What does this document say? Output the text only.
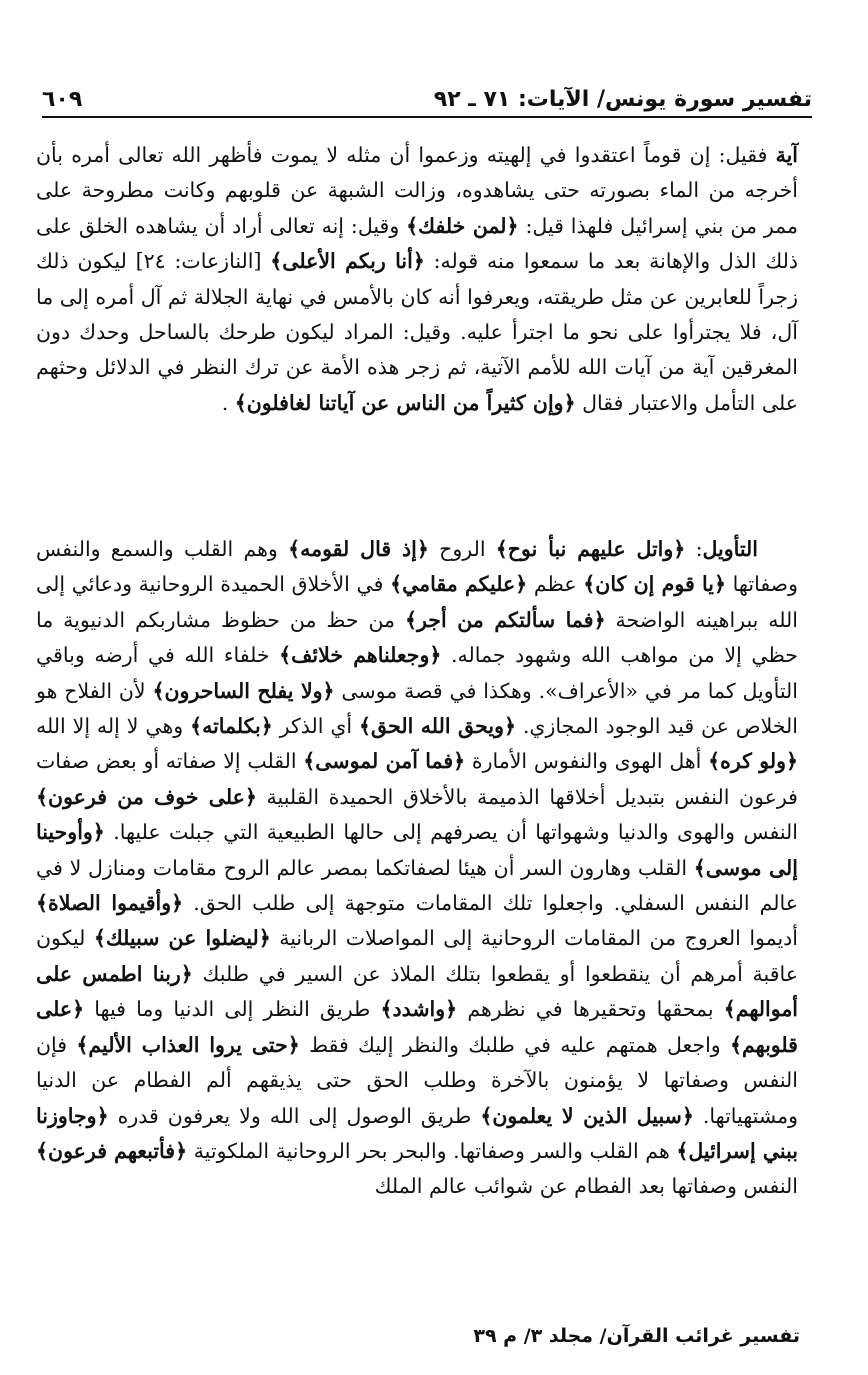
تفسير سورة يونس/ الآيات: ٧١ ـ ٩٢
٦٠٩

آية فقيل: إن قوماً اعتقدوا في إلهيته وزعموا أن مثله لا يموت فأظهر الله تعالى أمره بأن أخرجه من الماء بصورته حتى يشاهدوه، وزالت الشبهة عن قلوبهم وكانت مطروحة على ممر من بني إسرائيل فلهذا قيل: ﴿لمن خلفك﴾ وقيل: إنه تعالى أراد أن يشاهده الخلق على ذلك الذل والإهانة بعد ما سمعوا منه قوله: ﴿أنا ربكم الأعلى﴾ [النازعات: ٢٤] ليكون ذلك زجراً للعابرين عن مثل طريقته، ويعرفوا أنه كان بالأمس في نهاية الجلالة ثم آل أمره إلى ما آل، فلا يجترأوا على نحو ما اجترأ عليه. وقيل: المراد ليكون طرحك بالساحل وحدك دون المغرقين آية من آيات الله للأمم الآتية، ثم زجر هذه الأمة عن ترك النظر في الدلائل وحثهم على التأمل والاعتبار فقال ﴿وإن كثيراً من الناس عن آياتنا لغافلون﴾ .

التأويل: ﴿واتل عليهم نبأ نوح﴾ الروح ﴿إذ قال لقومه﴾ وهم القلب والسمع والنفس وصفاتها ﴿يا قوم إن كان﴾ عظم ﴿عليكم مقامي﴾ في الأخلاق الحميدة الروحانية ودعائي إلى الله ببراهينه الواضحة ﴿فما سألتكم من أجر﴾ من حظ من حظوظ مشاربكم الدنيوية ما حظي إلا من مواهب الله وشهود جماله. ﴿وجعلناهم خلائف﴾ خلفاء الله في أرضه وباقي التأويل كما مر في «الأعراف». وهكذا في قصة موسى ﴿ولا يفلح الساحرون﴾ لأن الفلاح هو الخلاص عن قيد الوجود المجازي. ﴿ويحق الله الحق﴾ أي الذكر ﴿بكلماته﴾ وهي لا إله إلا الله ﴿ولو كره﴾ أهل الهوى والنفوس الأمارة ﴿فما آمن لموسى﴾ القلب إلا صفاته أو بعض صفات فرعون النفس بتبديل أخلاقها الذميمة بالأخلاق الحميدة القلبية ﴿على خوف من فرعون﴾ النفس والهوى والدنيا وشهواتها أن يصرفهم إلى حالها الطبيعية التي جبلت عليها. ﴿وأوحينا إلى موسى﴾ القلب وهارون السر أن هيئا لصفاتكما بمصر عالم الروح مقامات ومنازل لا في عالم النفس السفلي. واجعلوا تلك المقامات متوجهة إلى طلب الحق. ﴿وأقيموا الصلاة﴾ أديموا العروج من المقامات الروحانية إلى المواصلات الربانية ﴿ليضلوا عن سبيلك﴾ ليكون عاقبة أمرهم أن ينقطعوا أو يقطعوا بتلك الملاذ عن السير في طلبك ﴿ربنا اطمس على أموالهم﴾ بمحقها وتحقيرها في نظرهم ﴿واشدد﴾ طريق النظر إلى الدنيا وما فيها ﴿على قلوبهم﴾ واجعل همتهم عليه في طلبك والنظر إليك فقط ﴿حتى يروا العذاب الأليم﴾ فإن النفس وصفاتها لا يؤمنون بالآخرة وطلب الحق حتى يذيقهم ألم الفطام عن الدنيا ومشتهياتها. ﴿سبيل الذين لا يعلمون﴾ طريق الوصول إلى الله ولا يعرفون قدره ﴿وجاوزنا ببني إسرائيل﴾ هم القلب والسر وصفاتها. والبحر بحر الروحانية الملكوتية ﴿فأتبعهم فرعون﴾ النفس وصفاتها بعد الفطام عن شوائب عالم الملك

تفسير غرائب القرآن/ مجلد ٣/ م ٣٩
